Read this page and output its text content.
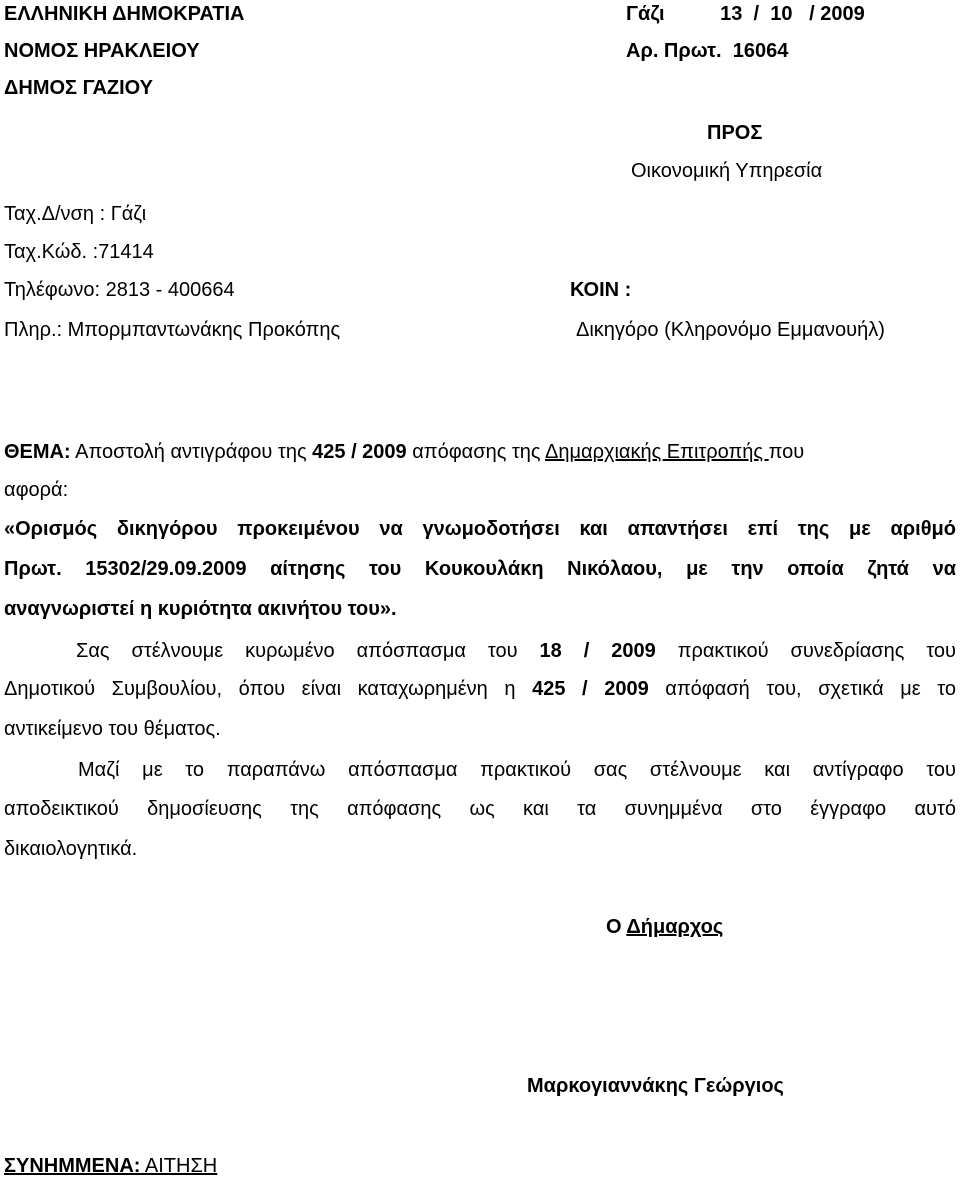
ΕΛΛΗΝΙΚΗ ΔΗΜΟΚΡΑΤΙΑ
ΝΟΜΟΣ ΗΡΑΚΛΕΙΟΥ
ΔΗΜΟΣ ΓΑΖΙΟΥ
Γάζι          13  /  10   / 2009
Αρ. Πρωτ. 16064
ΠΡΟΣ
Οικονομική Υπηρεσία
Ταχ.Δ/νση : Γάζι
Ταχ.Κώδ. :71414
Τηλέφωνο: 2813 - 400664	ΚΟΙΝ :
Πληρ.: Μπορμπαντωνάκης Προκόπης	Δικηγόρο (Κληρονόμο Εμμανουήλ)
ΘΕΜΑ: Αποστολή αντιγράφου της 425 / 2009 απόφασης της Δημαρχιακής Επιτροπής που
αφορά:
«Ορισμός δικηγόρου προκειμένου να γνωμοδοτήσει και απαντήσει επί της με αριθμό
Πρωτ. 15302/29.09.2009 αίτησης του Κουκουλάκη Νικόλαου, με την οποία ζητά να
αναγνωριστεί η κυριότητα ακινήτου του».
Σας στέλνουμε κυρωμένο απόσπασμα του 18 / 2009 πρακτικού συνεδρίασης του
Δημοτικού Συμβουλίου, όπου είναι καταχωρημένη η 425 / 2009 απόφασή του, σχετικά με το
αντικείμενο του θέματος.
Μαζί με το παραπάνω απόσπασμα πρακτικού σας στέλνουμε και αντίγραφο του
αποδεικτικού δημοσίευσης της απόφασης ως και τα συνημμένα στο έγγραφο αυτό
δικαιολογητικά.
Ο Δήμαρχος
Μαρκογιαννάκης Γεώργιος
ΣΥΝΗΜΜΕΝΑ: ΑΙΤΗΣΗ
